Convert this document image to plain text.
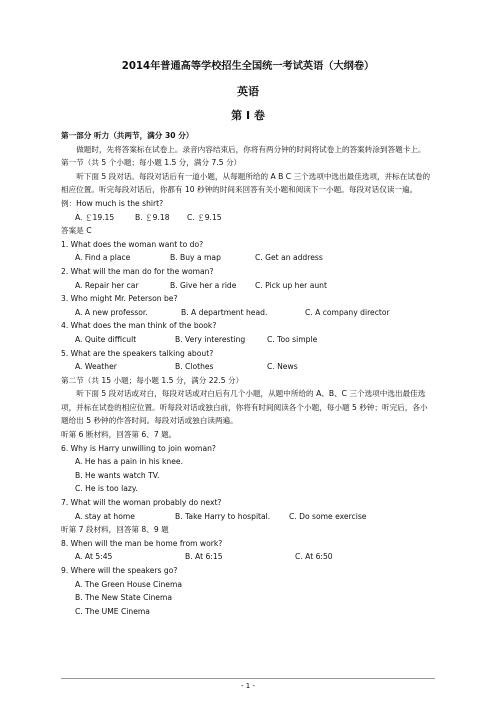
2014年普通高等学校招生全国统一考试英语（大纲卷）
英语
第 I 卷

第一部分 听力（共两节，满分 30 分）

做题时，先将答案标在试卷上。录音内容结束后，你将有两分钟的时间将试卷上的答案转涂到答题卡上。

第一节（共 5 个小题；每小题 1.5 分，满分 7.5 分）

听下面 5 段对话。每段对话后有一道小题，从每题所给的 A B C 三个选项中选出最佳选项，并标在试卷的相应位置。听完每段对话后，你都有 10 秒钟的时间来回答有关小题和阅读下一小题。每段对话仅读一遍。

例：How much is the shirt?

A. ￡19.15	B. ￡9.18 C. ￡9.15

答案是 C

1. What does the woman want to do?

A. Find a place	B. Buy a map	C. Get an address

2. What will the man do for the woman?

A. Repair her car	B. Give her a ride C. Pick up her aunt

3. Who might Mr. Peterson be?

A. A new professor.	B. A department head.	C. A company director

4. What does the man think of the book?

A. Quite difficult	B. Very interesting	C. Too simple

5. What are the speakers talking about?

A. Weather	B. Clothes	C. News

第二节（共 15 小题；每小题 1.5 分，满分 22.5 分）

听下面 5 段对话或对白，每段对话或对白后有几个小题，从题中所给的 A、B、C 三个选项中选出最佳选项，并标在试卷的相应位置。听每段对话或独白前，你将有时间阅读各个小题，每小题 5 秒钟；听完后，各小题给出 5 秒钟的作答时间。每段对话或独白读两遍。

听第 6 断材料，回答第 6、7 题。

6. Why is Harry unwilling to join woman?

A. He has a pain in his knee.
B. He wants watch TV.
C. He is too lazy.

7. What will the woman probably do next?

A. stay at home	B. Take Harry to hospital. C. Do some exercise

听第 7 段材料，回答第 8、9 题

8. When will the man be home from work?

A. At 5:45	B. At 6:15	C. At 6:50

9. Where will the speakers go?

A. The Green House Cinema
B. The New State Cinema
C. The UME Cinema
- 1 -
